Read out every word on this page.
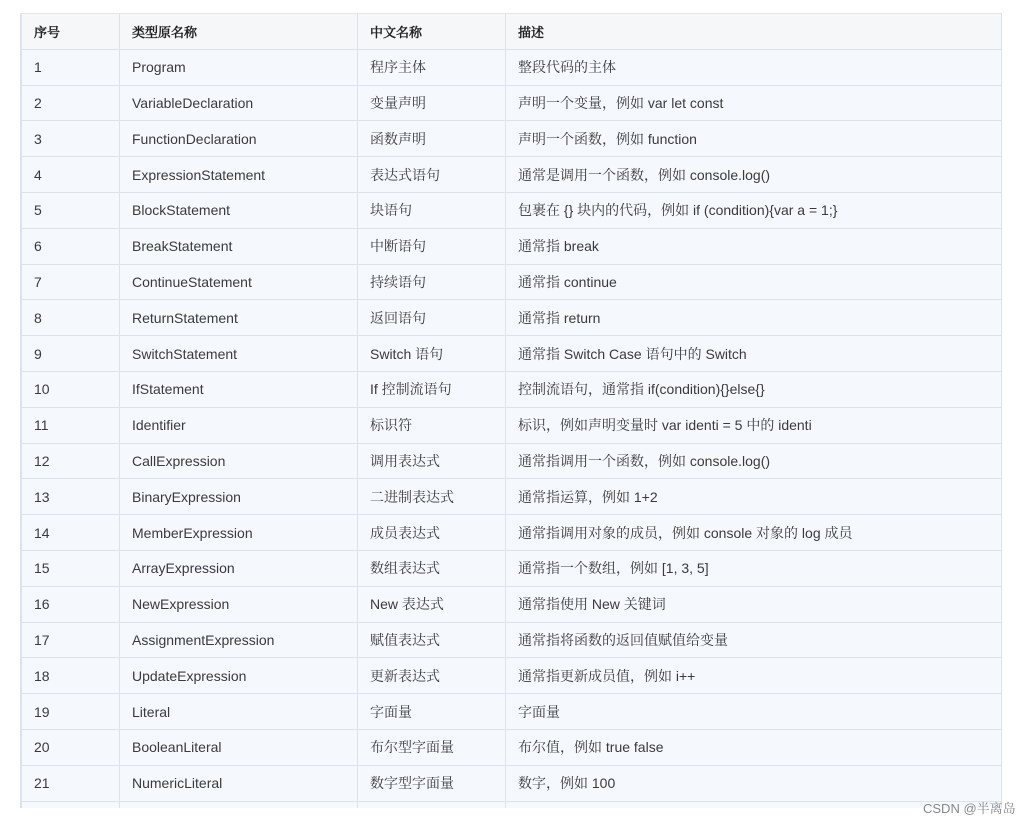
序号	类型原名称	中文名称	描述
1	Program	程序主体	整段代码的主体
2	VariableDeclaration	变量声明	声明一个变量，例如 var let const
3	FunctionDeclaration	函数声明	声明一个函数，例如 function
4	ExpressionStatement	表达式语句	通常是调用一个函数，例如 console.log()
5	BlockStatement	块语句	包裹在 {} 块内的代码，例如 if (condition){var a = 1;}
6	BreakStatement	中断语句	通常指 break
7	ContinueStatement	持续语句	通常指 continue
8	ReturnStatement	返回语句	通常指 return
9	SwitchStatement	Switch 语句	通常指 Switch Case 语句中的 Switch
10	IfStatement	If 控制流语句	控制流语句，通常指 if(condition){}else{}
11	Identifier	标识符	标识，例如声明变量时 var identi = 5 中的 identi
12	CallExpression	调用表达式	通常指调用一个函数，例如 console.log()
13	BinaryExpression	二进制表达式	通常指运算，例如 1+2
14	MemberExpression	成员表达式	通常指调用对象的成员，例如 console 对象的 log 成员
15	ArrayExpression	数组表达式	通常指一个数组，例如 [1, 3, 5]
16	NewExpression	New 表达式	通常指使用 New 关键词
17	AssignmentExpression	赋值表达式	通常指将函数的返回值赋值给变量
18	UpdateExpression	更新表达式	通常指更新成员值，例如 i++
19	Literal	字面量	字面量
20	BooleanLiteral	布尔型字面量	布尔值，例如 true false
21	NumericLiteral	数字型字面量	数字，例如 100

CSDN @半离岛
